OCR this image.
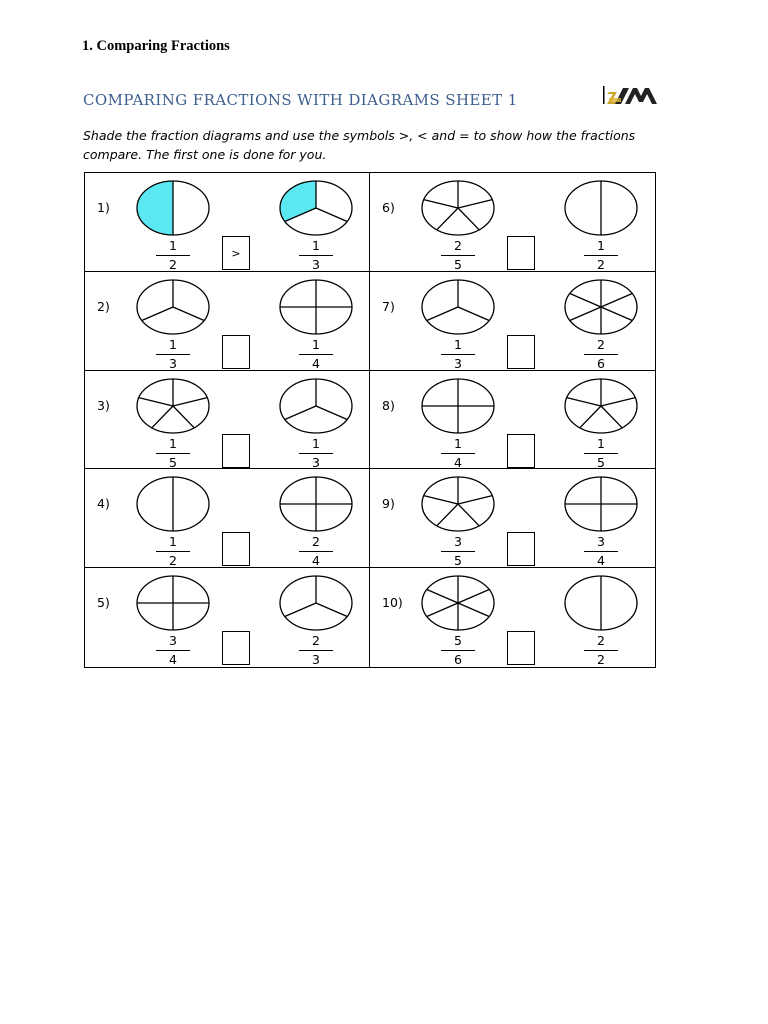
1. Comparing Fractions
COMPARING FRACTIONS WITH DIAGRAMS SHEET 1
Shade the fraction diagrams and use the symbols >, < and = to show how the fractions compare. The first one is done for you.
1)
1
2
>	1
3
6)
2
5
1
2
2)
1
3
1
4
7)
1
3
2
6
3)
1
5
1
3
8)
1
4
1
5
4)
1
2
2
4
9)
3
5
3
4
5)
3
4
2
3
10)
5
6
2
2
